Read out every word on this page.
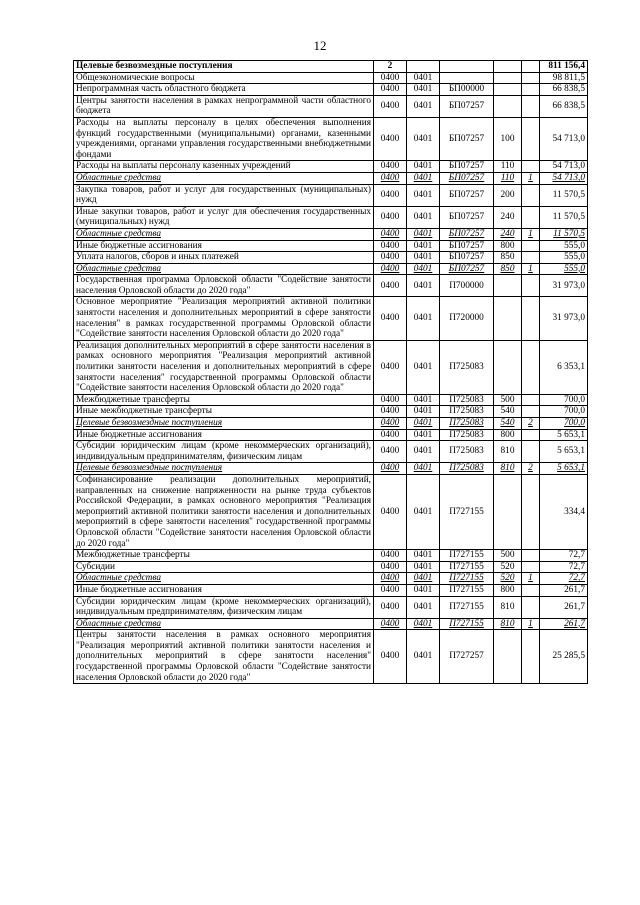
12
Целевые безвозмездные поступления	2					811 156,4
Общеэкономические вопросы	0400	0401				98 811,5
Непрограммная часть областного бюджета	0400	0401	БП00000			66 838,5
Центры занятости населения в рамках непрограммной части областного бюджета	0400	0401	БП07257			66 838,5
Расходы на выплаты персоналу в целях обеспечения выполнения функций государственными (муниципальными) органами, казенными учреждениями, органами управления государственными внебюджетными фондами	0400	0401	БП07257	100		54 713,0
Расходы на выплаты персоналу казенных учреждений	0400	0401	БП07257	110		54 713,0
Областные средства	0400	0401	БП07257	110	1	54 713,0
Закупка товаров, работ и услуг для государственных (муниципальных) нужд	0400	0401	БП07257	200		11 570,5
Иные закупки товаров, работ и услуг для обеспечения государственных (муниципальных) нужд	0400	0401	БП07257	240		11 570,5
Областные средства	0400	0401	БП07257	240	1	11 570,5
Иные бюджетные ассигнования	0400	0401	БП07257	800		555,0
Уплата налогов, сборов и иных платежей	0400	0401	БП07257	850		555,0
Областные средства	0400	0401	БП07257	850	1	555,0
Государственная программа Орловской области "Содействие занятости населения Орловской области до 2020 года"	0400	0401	П700000			31 973,0
Основное мероприятие "Реализация мероприятий активной политики занятости населения и дополнительных мероприятий в сфере занятости населения" в рамках государственной программы Орловской области "Содействие занятости населения Орловской области до 2020 года"	0400	0401	П720000			31 973,0
Реализация дополнительных мероприятий в сфере занятости населения в рамках основного мероприятия "Реализация мероприятий активной политики занятости населения и дополнительных мероприятий в сфере занятости населения" государственной программы Орловской области "Содействие занятости населения Орловской области до 2020 года"	0400	0401	П725083			6 353,1
Межбюджетные трансферты	0400	0401	П725083	500		700,0
Иные межбюджетные трансферты	0400	0401	П725083	540		700,0
Целевые безвозмездные поступления	0400	0401	П725083	540	2	700,0
Иные бюджетные ассигнования	0400	0401	П725083	800		5 653,1
Субсидии юридическим лицам (кроме некоммерческих организаций), индивидуальным предпринимателям, физическим лицам	0400	0401	П725083	810		5 653,1
Целевые безвозмездные поступления	0400	0401	П725083	810	2	5 653,1
Софинансирование реализации дополнительных мероприятий, направленных на снижение напряженности на рынке труда субъектов Российской Федерации, в рамках основного мероприятия "Реализация мероприятий активной политики занятости населения и дополнительных мероприятий в сфере занятости населения" государственной программы Орловской области "Содействие занятости населения Орловской области до 2020 года"	0400	0401	П727155			334,4
Межбюджетные трансферты	0400	0401	П727155	500		72,7
Субсидии	0400	0401	П727155	520		72,7
Областные средства	0400	0401	П727155	520	1	72,7
Иные бюджетные ассигнования	0400	0401	П727155	800		261,7
Субсидии юридическим лицам (кроме некоммерческих организаций), индивидуальным предпринимателям, физическим лицам	0400	0401	П727155	810		261,7
Областные средства	0400	0401	П727155	810	1	261,7
Центры занятости населения в рамках основного мероприятия "Реализация мероприятий активной политики занятости населения и дополнительных мероприятий в сфере занятости населения" государственной программы Орловской области "Содействие занятости населения Орловской области до 2020 года"	0400	0401	П727257			25 285,5
